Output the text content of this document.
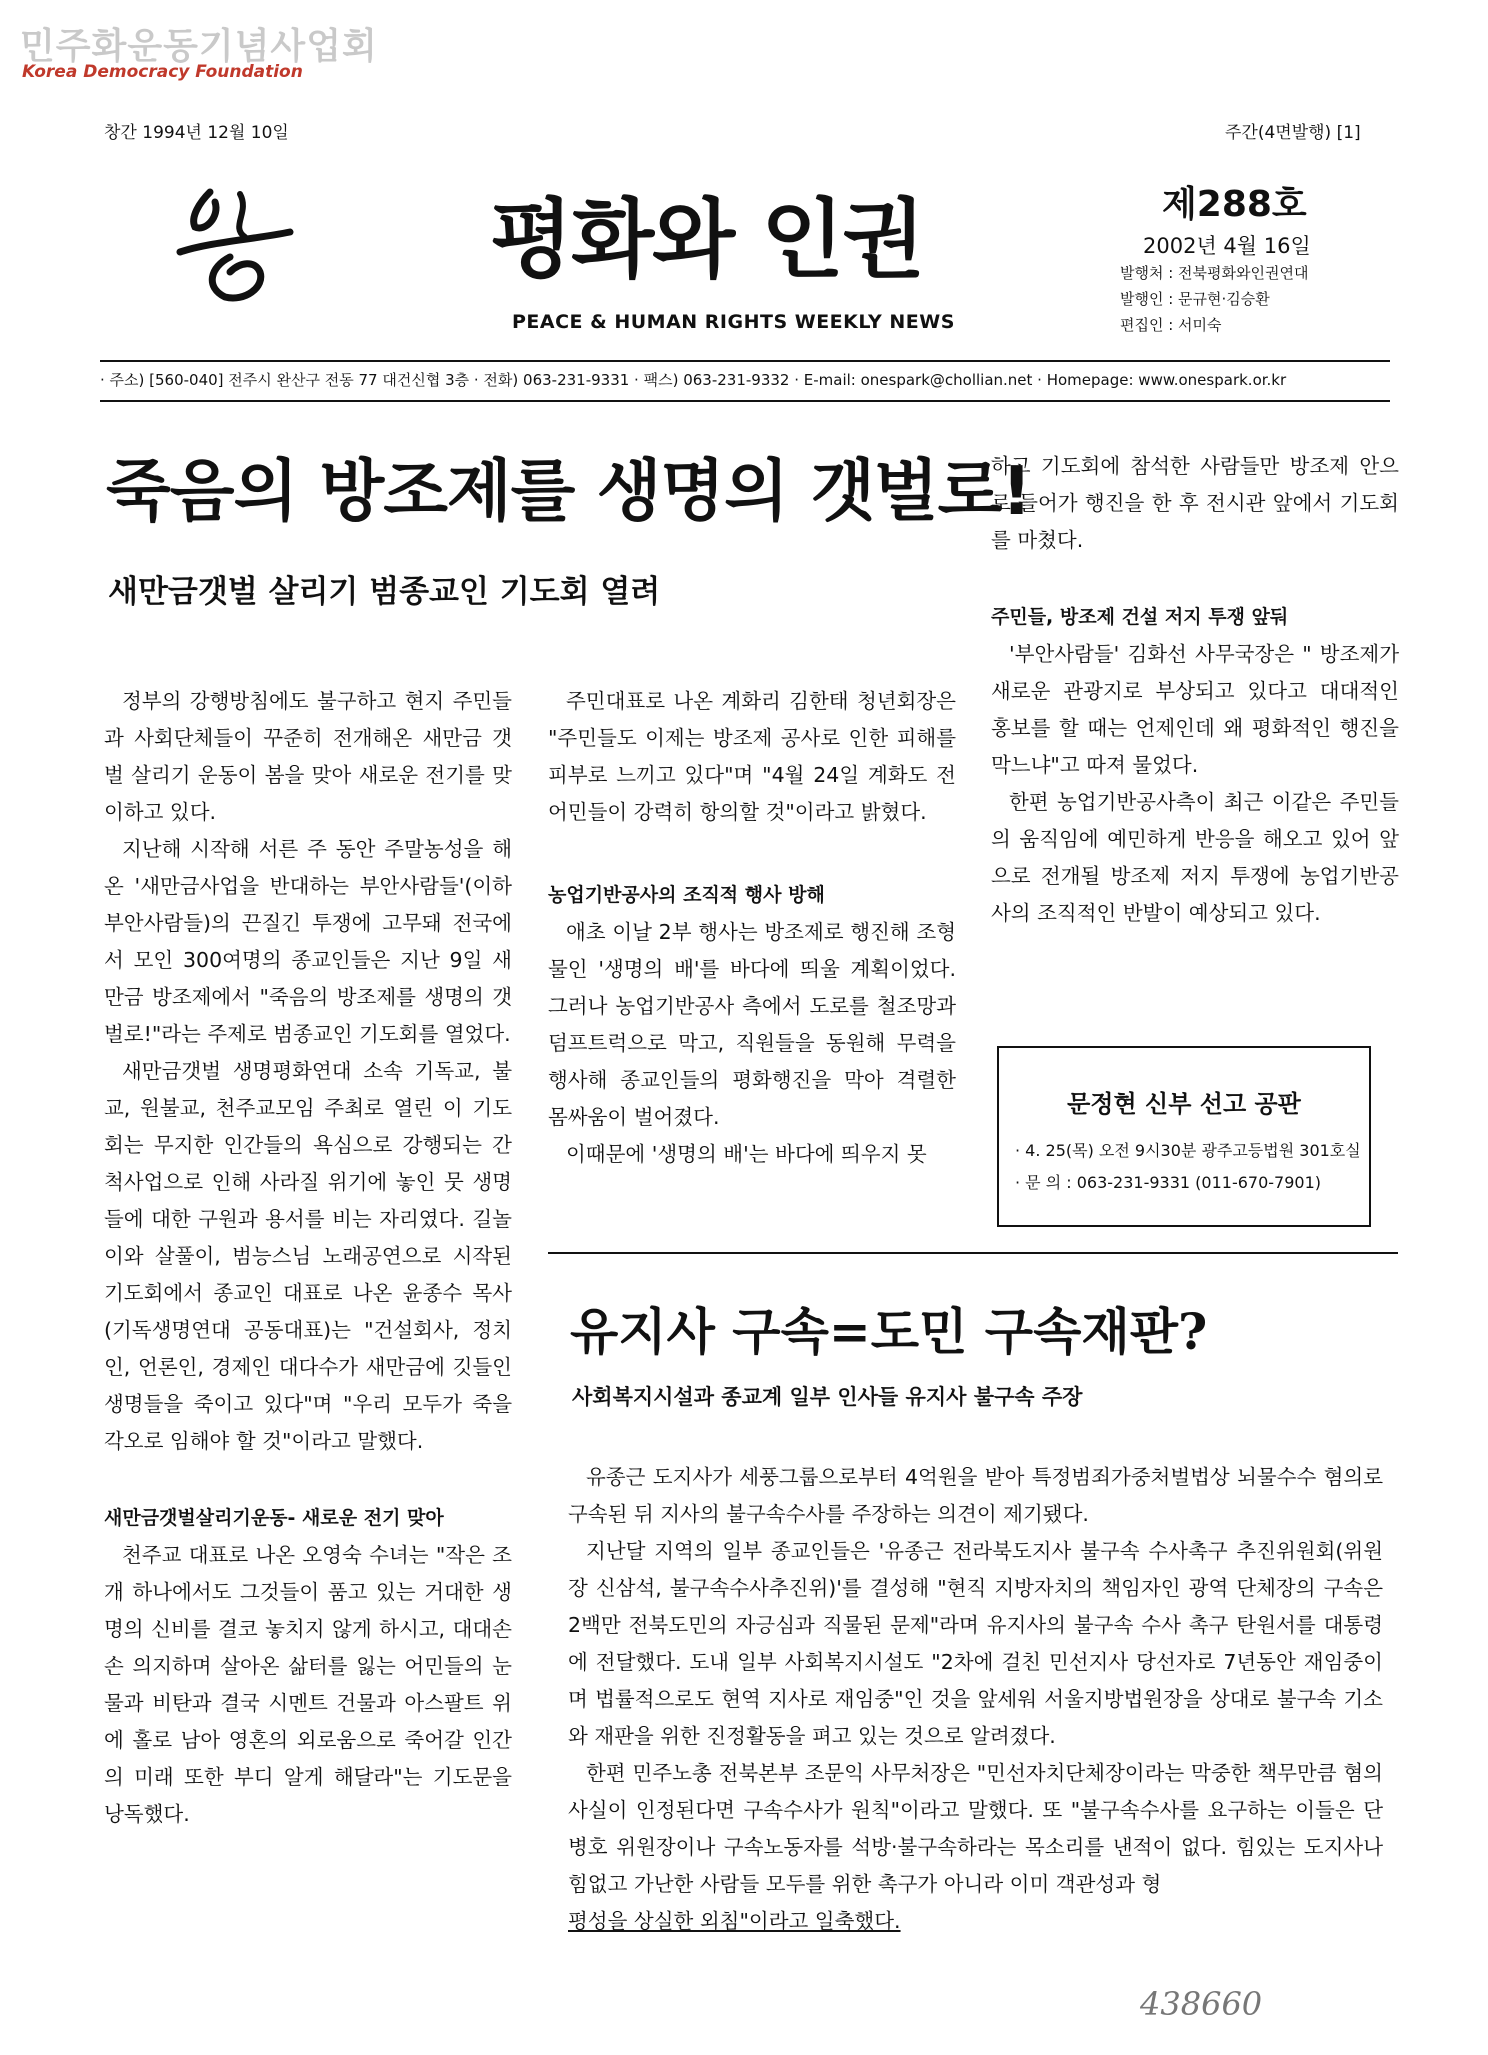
민주화운동기념사업회
Korea Democracy Foundation
창간 1994년 12월 10일	주간(4면발행) [1]
평화와 인권
PEACE & HUMAN RIGHTS WEEKLY NEWS
제288호
2002년 4월 16일
발행처 : 전북평화와인권연대
발행인 : 문규현·김승환
편집인 : 서미숙
· 주소) [560-040] 전주시 완산구 전동 77 대건신협 3층 · 전화) 063-231-9331 · 팩스) 063-231-9332 · E-mail: onespark@chollian.net · Homepage: www.onespark.or.kr
죽음의 방조제를 생명의 갯벌로!
새만금갯벌 살리기 범종교인 기도회 열려

정부의 강행방침에도 불구하고 현지 주민들과 사회단체들이 꾸준히 전개해온 새만금 갯벌 살리기 운동이 봄을 맞아 새로운 전기를 맞이하고 있다.

지난해 시작해 서른 주 동안 주말농성을 해 온 '새만금사업을 반대하는 부안사람들'(이하 부안사람들)의 끈질긴 투쟁에 고무돼 전국에서 모인 300여명의 종교인들은 지난 9일 새만금 방조제에서 "죽음의 방조제를 생명의 갯벌로!"라는 주제로 범종교인 기도회를 열었다.

새만금갯벌 생명평화연대 소속 기독교, 불교, 원불교, 천주교모임 주최로 열린 이 기도회는 무지한 인간들의 욕심으로 강행되는 간척사업으로 인해 사라질 위기에 놓인 뭇 생명들에 대한 구원과 용서를 비는 자리였다. 길놀이와 살풀이, 범능스님 노래공연으로 시작된 기도회에서 종교인 대표로 나온 윤종수 목사(기독생명연대 공동대표)는 "건설회사, 정치인, 언론인, 경제인 대다수가 새만금에 깃들인 생명들을 죽이고 있다"며 "우리 모두가 죽을 각오로 임해야 할 것"이라고 말했다.

새만금갯벌살리기운동- 새로운 전기 맞아

천주교 대표로 나온 오영숙 수녀는 "작은 조개 하나에서도 그것들이 품고 있는 거대한 생명의 신비를 결코 놓치지 않게 하시고, 대대손손 의지하며 살아온 삶터를 잃는 어민들의 눈물과 비탄과 결국 시멘트 건물과 아스팔트 위에 홀로 남아 영혼의 외로움으로 죽어갈 인간의 미래 또한 부디 알게 해달라"는 기도문을 낭독했다.

주민대표로 나온 계화리 김한태 청년회장은 "주민들도 이제는 방조제 공사로 인한 피해를 피부로 느끼고 있다"며 "4월 24일 계화도 전 어민들이 강력히 항의할 것"이라고 밝혔다.

농업기반공사의 조직적 행사 방해

애초 이날 2부 행사는 방조제로 행진해 조형물인 '생명의 배'를 바다에 띄울 계획이었다. 그러나 농업기반공사 측에서 도로를 철조망과 덤프트럭으로 막고, 직원들을 동원해 무력을 행사해 종교인들의 평화행진을 막아 격렬한 몸싸움이 벌어졌다.

이때문에 '생명의 배'는 바다에 띄우지 못

하고 기도회에 참석한 사람들만 방조제 안으로 들어가 행진을 한 후 전시관 앞에서 기도회를 마쳤다.

주민들, 방조제 건설 저지 투쟁 앞둬

'부안사람들' 김화선 사무국장은 " 방조제가 새로운 관광지로 부상되고 있다고 대대적인 홍보를 할 때는 언제인데 왜 평화적인 행진을 막느냐"고 따져 물었다.

한편 농업기반공사측이 최근 이같은 주민들의 움직임에 예민하게 반응을 해오고 있어 앞으로 전개될 방조제 저지 투쟁에 농업기반공사의 조직적인 반발이 예상되고 있다.

문정현 신부 선고 공판
· 4. 25(목) 오전 9시30분 광주고등법원 301호실
· 문 의 : 063-231-9331 (011-670-7901)
유지사 구속=도민 구속재판?
사회복지시설과 종교계 일부 인사들 유지사 불구속 주장

유종근 도지사가 세풍그룹으로부터 4억원을 받아 특정범죄가중처벌법상 뇌물수수 혐의로 구속된 뒤 지사의 불구속수사를 주장하는 의견이 제기됐다.

지난달 지역의 일부 종교인들은 '유종근 전라북도지사 불구속 수사촉구 추진위원회(위원장 신삼석, 불구속수사추진위)'를 결성해 "현직 지방자치의 책임자인 광역 단체장의 구속은 2백만 전북도민의 자긍심과 직물된 문제"라며 유지사의 불구속 수사 촉구 탄원서를 대통령에 전달했다. 도내 일부 사회복지시설도 "2차에 걸친 민선지사 당선자로 7년동안 재임중이며 법률적으로도 현역 지사로 재임중"인 것을 앞세워 서울지방법원장을 상대로 불구속 기소와 재판을 위한 진정활동을 펴고 있는 것으로 알려졌다.

한편 민주노총 전북본부 조문익 사무처장은 "민선자치단체장이라는 막중한 책무만큼 혐의사실이 인정된다면 구속수사가 원칙"이라고 말했다. 또 "불구속수사를 요구하는 이들은 단병호 위원장이나 구속노동자를 석방·불구속하라는 목소리를 낸적이 없다. 힘있는 도지사나 힘없고 가난한 사람들 모두를 위한 촉구가 아니라 이미 객관성과 형

평성을 상실한 외침"이라고 일축했다.

438660
